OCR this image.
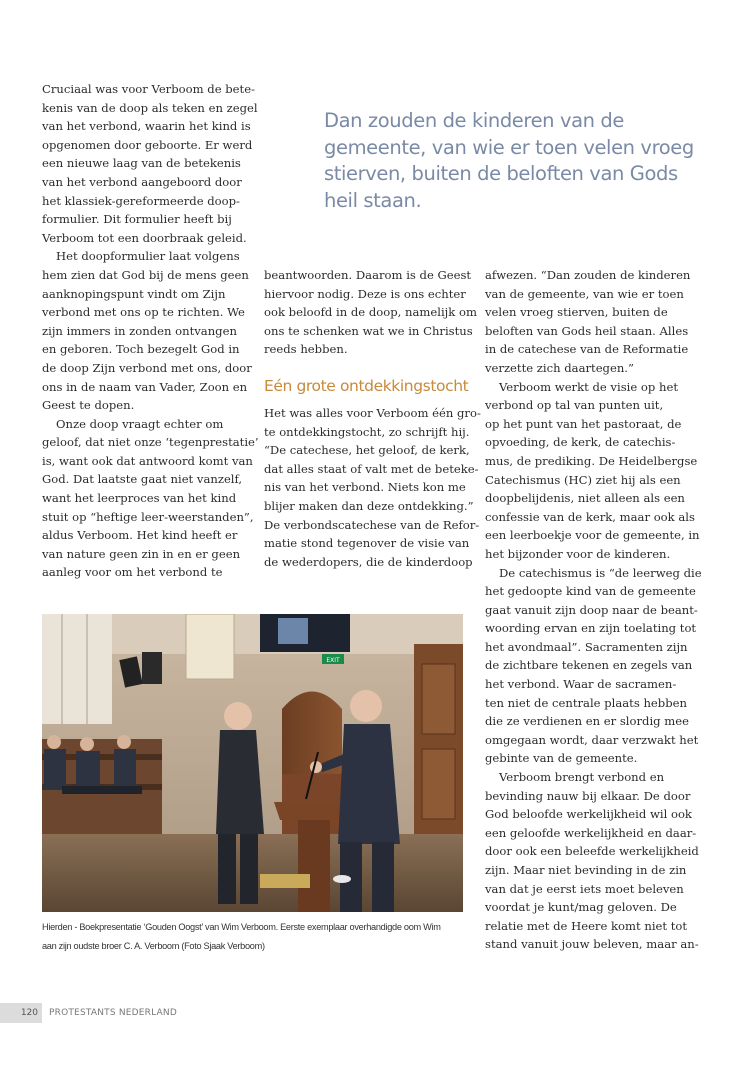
Dan zouden de kinderen van de
gemeente, van wie er toen velen vroeg
stierven, buiten de beloften van Gods
heil staan.

Cruciaal was voor Verboom de bete-
kenis van de doop als teken en zegel
van het verbond, waarin het kind is
opgenomen door geboorte. Er werd
een nieuwe laag van de betekenis
van het verbond aangeboord door
het klassiek-gereformeerde doop-
formulier. Dit formulier heeft bij
Verboom tot een doorbraak geleid.

Het doopformulier laat volgens
hem zien dat God bij de mens geen
aanknopingspunt vindt om Zijn
verbond met ons op te richten. We
zijn immers in zonden ontvangen
en geboren. Toch bezegelt God in
de doop Zijn verbond met ons, door
ons in de naam van Vader, Zoon en
Geest te dopen.

Onze doop vraagt echter om
geloof, dat niet onze ‘tegenprestatie’
is, want ook dat antwoord komt van
God. Dat laatste gaat niet vanzelf,
want het leerproces van het kind
stuit op “heftige leer-weerstanden”,
aldus Verboom. Het kind heeft er
van nature geen zin in en er geen
aanleg voor om het verbond te

beantwoorden. Daarom is de Geest
hiervoor nodig. Deze is ons echter
ook beloofd in de doop, namelijk om
ons te schenken wat we in Christus
reeds hebben.

Eén grote ontdekkingstocht

Het was alles voor Verboom één gro-
te ontdekkingstocht, zo schrijft hij.
“De catechese, het geloof, de kerk,
dat alles staat of valt met de beteke-
nis van het verbond. Niets kon me
blijer maken dan deze ontdekking.”
De verbondscatechese van de Refor-
matie stond tegenover de visie van
de wederdopers, die de kinderdoop

afwezen. “Dan zouden de kinderen
van de gemeente, van wie er toen
velen vroeg stierven, buiten de
beloften van Gods heil staan. Alles
in de catechese van de Reformatie
verzette zich daartegen.”

Verboom werkt de visie op het
verbond op tal van punten uit,
op het punt van het pastoraat, de
opvoeding, de kerk, de catechis-
mus, de prediking. De Heidelbergse
Catechismus (HC) ziet hij als een
doopbelijdenis, niet alleen als een
confessie van de kerk, maar ook als
een leerboekje voor de gemeente, in
het bijzonder voor de kinderen.

De catechismus is “de leerweg die
het gedoopte kind van de gemeente
gaat vanuit zijn doop naar de beant-
woording ervan en zijn toelating tot
het avondmaal”. Sacramenten zijn
de zichtbare tekenen en zegels van
het verbond. Waar de sacramen-
ten niet de centrale plaats hebben
die ze verdienen en er slordig mee
omgegaan wordt, daar verzwakt het
gebinte van de gemeente.

Verboom brengt verbond en
bevinding nauw bij elkaar. De door
God beloofde werkelijkheid wil ook
een geloofde werkelijkheid en daar-
door ook een beleefde werkelijkheid
zijn. Maar niet bevinding in de zin
van dat je eerst iets moet beleven
voordat je kunt/mag geloven. De
relatie met de Heere komt niet tot
stand vanuit jouw beleven, maar an-

EXIT
Hierden - Boekpresentatie ‘Gouden Oogst’ van Wim Verboom. Eerste exemplaar overhandigde oom Wim
aan zijn oudste broer C. A. Verboom (Foto Sjaak Verboom)
120	PROTESTANTS NEDERLAND
